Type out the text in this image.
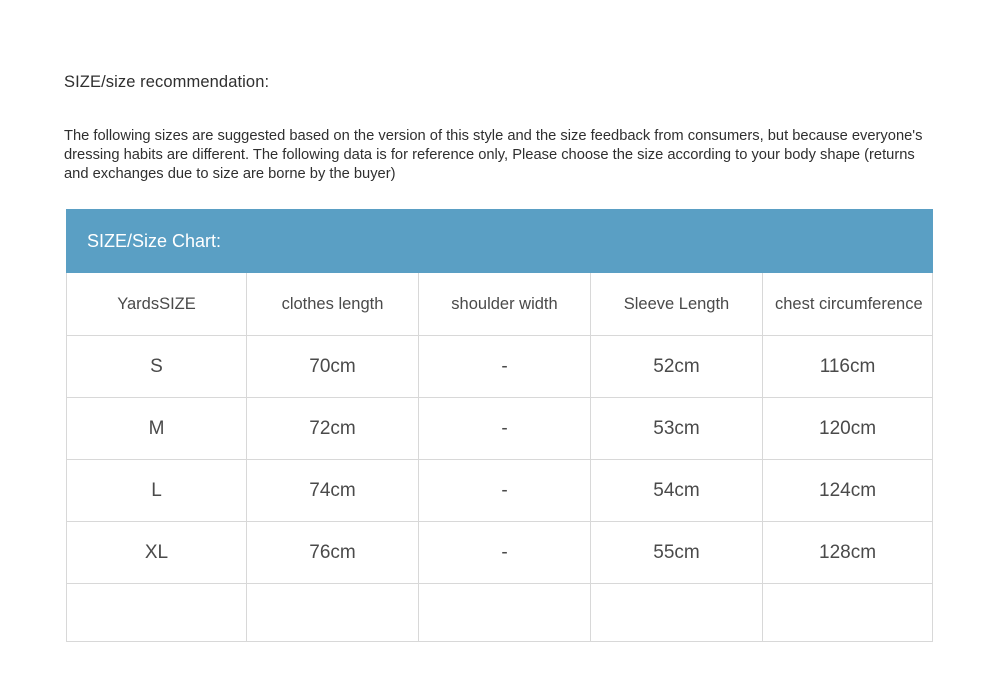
SIZE/size recommendation:

The following sizes are suggested based on the version of this style and the size feedback from consumers, but because everyone's dressing habits are different. The following data is for reference only, Please choose the size according to your body shape (returns and exchanges due to size are borne by the buyer)

SIZE/Size Chart:				
YardsSIZE	clothes length	shoulder width	Sleeve Length	chest circumference
S	70cm	-	52cm	116cm
M	72cm	-	53cm	120cm
L	74cm	-	54cm	124cm
XL	76cm	-	55cm	128cm
